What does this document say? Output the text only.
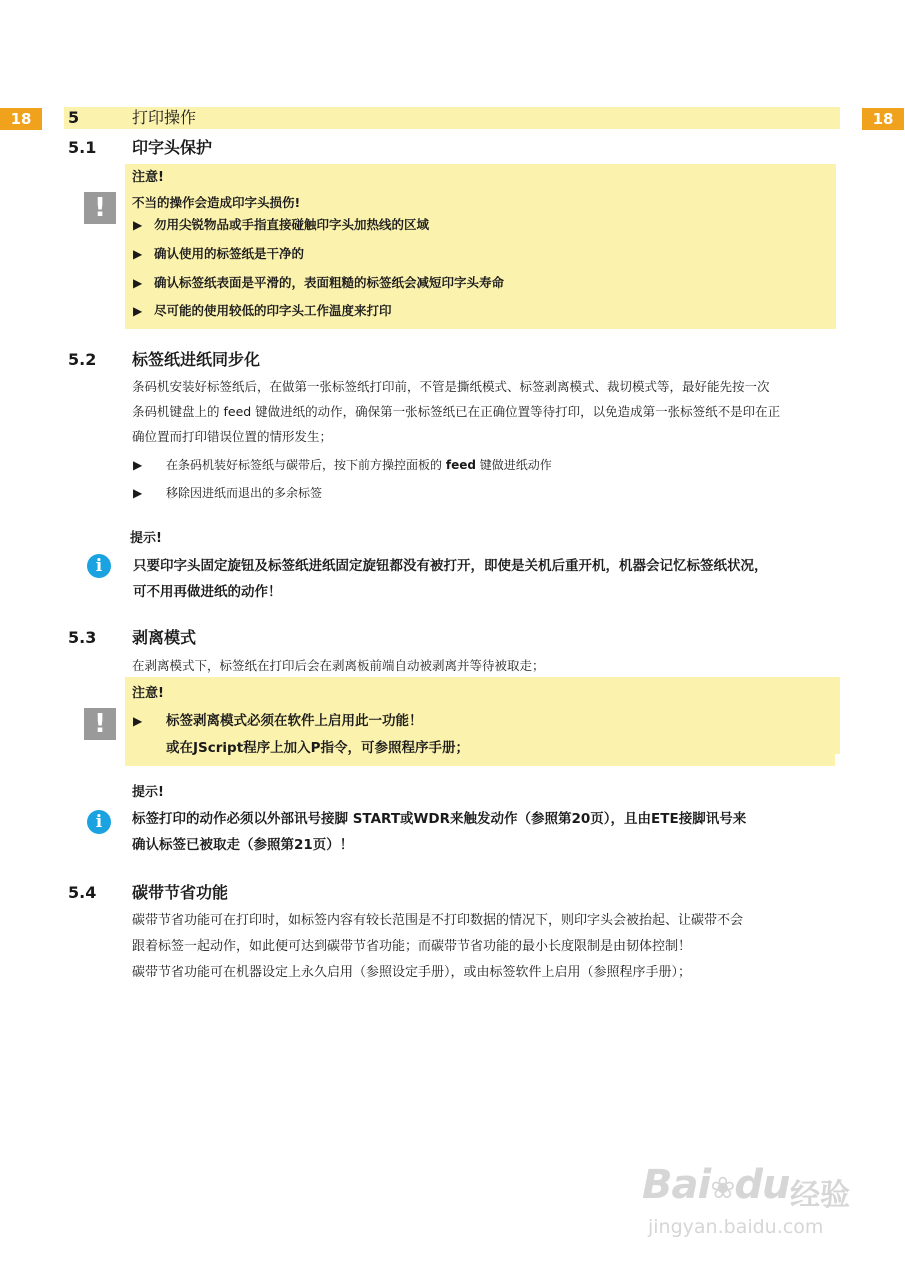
18	18
5	打印操作
5.1 印字头保护
!
注意!
不当的操作会造成印字头损伤!
▶ 勿用尖锐物品或手指直接碰触印字头加热线的区域
▶ 确认使用的标签纸是干净的
▶ 确认标签纸表面是平滑的，表面粗糙的标签纸会减短印字头寿命
▶ 尽可能的使用较低的印字头工作温度来打印
5.2 标签纸进纸同步化
条码机安装好标签纸后，在做第一张标签纸打印前，不管是撕纸模式、标签剥离模式、裁切模式等，最好能先按一次
条码机键盘上的 feed 键做进纸的动作，确保第一张标签纸已在正确位置等待打印，以免造成第一张标签纸不是印在正
确位置而打印错误位置的情形发生；
▶ 在条码机装好标签纸与碳带后，按下前方操控面板的 feed 键做进纸动作
▶ 移除因进纸而退出的多余标签
提示!
i	只要印字头固定旋钮及标签纸进纸固定旋钮都没有被打开，即使是关机后重开机，机器会记忆标签纸状况，
可不用再做进纸的动作！
5.3 剥离模式
在剥离模式下，标签纸在打印后会在剥离板前端自动被剥离并等待被取走；
!
注意!
▶ 标签剥离模式必须在软件上启用此一功能！
或在JScript程序上加入P指令，可参照程序手册；
提示!
i	标签打印的动作必须以外部讯号接脚 START或WDR来触发动作（参照第20页），且由ETE接脚讯号来
确认标签已被取走（参照第21页）！
5.4 碳带节省功能
碳带节省功能可在打印时，如标签内容有较长范围是不打印数据的情况下，则印字头会被抬起、让碳带不会
跟着标签一起动作，如此便可达到碳带节省功能；而碳带节省功能的最小长度限制是由韧体控制！
碳带节省功能可在机器设定上永久启用（参照设定手册），或由标签软件上启用（参照程序手册）；
Bai❀du 经验
jingyan.baidu.com
